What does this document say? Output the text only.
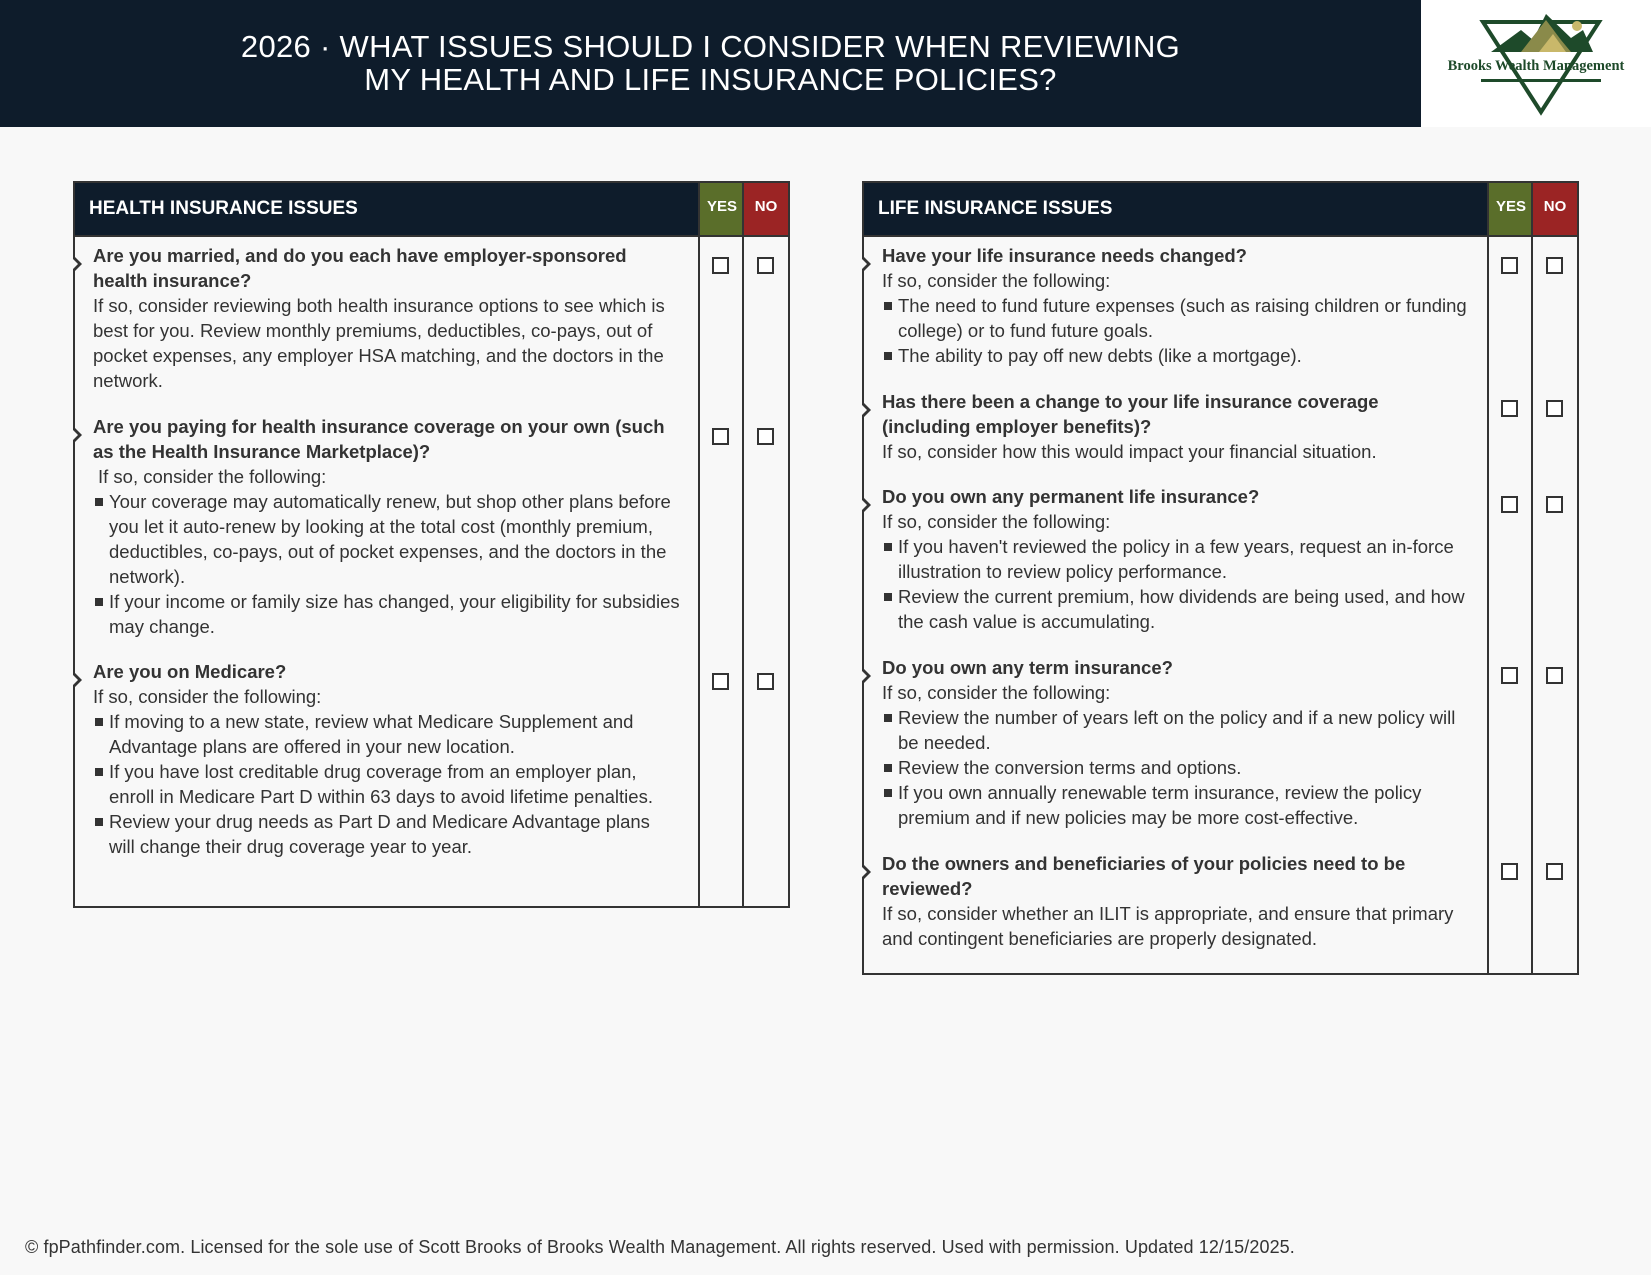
2026 · WHAT ISSUES SHOULD I CONSIDER WHEN REVIEWING
MY HEALTH AND LIFE INSURANCE POLICIES?	Brooks Wealth Management
HEALTH INSURANCE ISSUES	YES	NO
Are you married, and do you each have employer-sponsored health insurance?
If so, consider reviewing both health insurance options to see which is best for you. Review monthly premiums, deductibles, co-pays, out of pocket expenses, any employer HSA matching, and the doctors in the network.
Are you paying for health insurance coverage on your own (such as the Health Insurance Marketplace)?
If so, consider the following:
Your coverage may automatically renew, but shop other plans before you let it auto-renew by looking at the total cost (monthly premium, deductibles, co-pays, out of pocket expenses, and the doctors in the network).
If your income or family size has changed, your eligibility for subsidies may change.
Are you on Medicare?
If so, consider the following:
If moving to a new state, review what Medicare Supplement and Advantage plans are offered in your new location.
If you have lost creditable drug coverage from an employer plan, enroll in Medicare Part D within 63 days to avoid lifetime penalties.
Review your drug needs as Part D and Medicare Advantage plans will change their drug coverage year to year.
LIFE INSURANCE ISSUES	YES	NO
Have your life insurance needs changed?
If so, consider the following:
The need to fund future expenses (such as raising children or funding college) or to fund future goals.
The ability to pay off new debts (like a mortgage).
Has there been a change to your life insurance coverage (including employer benefits)?
If so, consider how this would impact your financial situation.
Do you own any permanent life insurance?
If so, consider the following:
If you haven't reviewed the policy in a few years, request an in-force illustration to review policy performance.
Review the current premium, how dividends are being used, and how the cash value is accumulating.
Do you own any term insurance?
If so, consider the following:
Review the number of years left on the policy and if a new policy will be needed.
Review the conversion terms and options.
If you own annually renewable term insurance, review the policy premium and if new policies may be more cost-effective.
Do the owners and beneficiaries of your policies need to be reviewed?
If so, consider whether an ILIT is appropriate, and ensure that primary and contingent beneficiaries are properly designated.
© fpPathfinder.com. Licensed for the sole use of Scott Brooks of Brooks Wealth Management. All rights reserved. Used with permission. Updated 12/15/2025.
